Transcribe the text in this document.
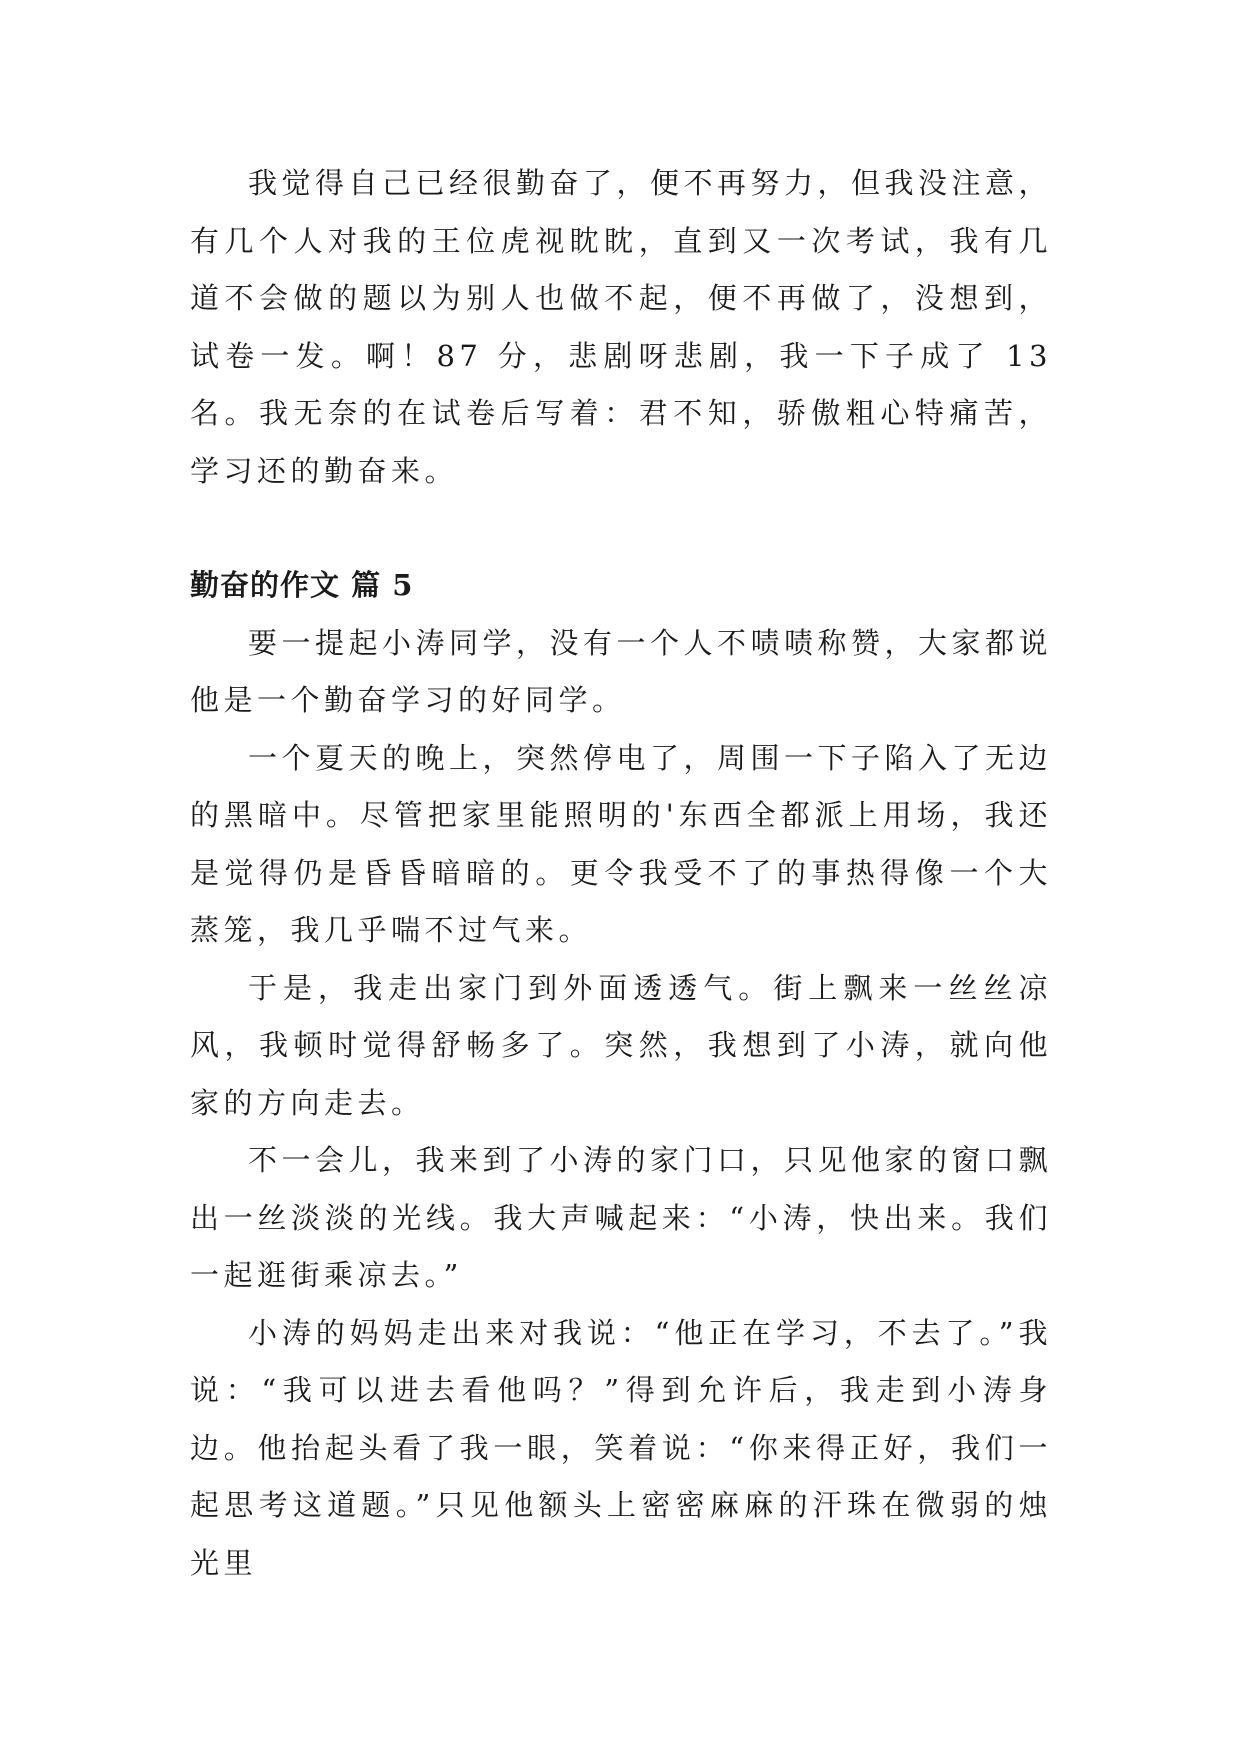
我觉得自己已经很勤奋了，便不再努力，但我没注意，有几个人对我的王位虎视眈眈，直到又一次考试，我有几道不会做的题以为别人也做不起，便不再做了，没想到，试卷一发。啊！87 分，悲剧呀悲剧，我一下子成了 13 名。我无奈的在试卷后写着：君不知，骄傲粗心特痛苦，学习还的勤奋来。

勤奋的作文 篇 5

要一提起小涛同学，没有一个人不啧啧称赞，大家都说他是一个勤奋学习的好同学。

一个夏天的晚上，突然停电了，周围一下子陷入了无边的黑暗中。尽管把家里能照明的'东西全都派上用场，我还是觉得仍是昏昏暗暗的。更令我受不了的事热得像一个大蒸笼，我几乎喘不过气来。

于是，我走出家门到外面透透气。街上飘来一丝丝凉风，我顿时觉得舒畅多了。突然，我想到了小涛，就向他家的方向走去。

不一会儿，我来到了小涛的家门口，只见他家的窗口飘出一丝淡淡的光线。我大声喊起来：“小涛，快出来。我们一起逛街乘凉去。”

小涛的妈妈走出来对我说：“他正在学习，不去了。”我说：“我可以进去看他吗？”得到允许后，我走到小涛身边。他抬起头看了我一眼，笑着说：“你来得正好，我们一起思考这道题。”只见他额头上密密麻麻的汗珠在微弱的烛光里
